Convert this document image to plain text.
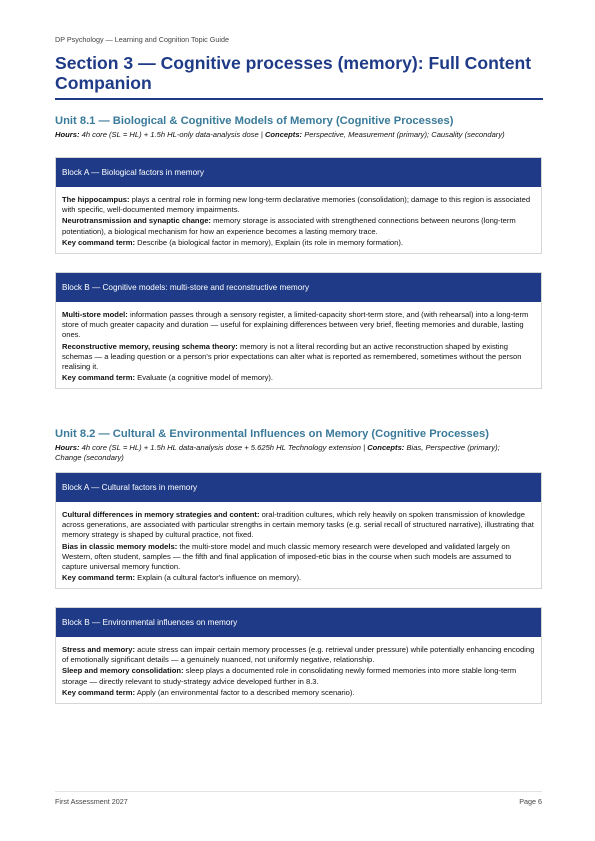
DP Psychology — Learning and Cognition Topic Guide
Section 3 — Cognitive processes (memory): Full Content Companion
Unit 8.1 — Biological & Cognitive Models of Memory (Cognitive Processes)

Hours: 4h core (SL = HL) + 1.5h HL-only data-analysis dose | Concepts: Perspective, Measurement (primary); Causality (secondary)

Block A — Biological factors in memory

The hippocampus: plays a central role in forming new long-term declarative memories (consolidation); damage to this region is associated with specific, well-documented memory impairments.

Neurotransmission and synaptic change: memory storage is associated with strengthened connections between neurons (long-term potentiation), a biological mechanism for how an experience becomes a lasting memory trace.

Key command term: Describe (a biological factor in memory), Explain (its role in memory formation).

Block B — Cognitive models: multi-store and reconstructive memory

Multi-store model: information passes through a sensory register, a limited-capacity short-term store, and (with rehearsal) into a long-term store of much greater capacity and duration — useful for explaining differences between very brief, fleeting memories and durable, lasting ones.

Reconstructive memory, reusing schema theory: memory is not a literal recording but an active reconstruction shaped by existing schemas — a leading question or a person's prior expectations can alter what is reported as remembered, sometimes without the person realising it.

Key command term: Evaluate (a cognitive model of memory).

Unit 8.2 — Cultural & Environmental Influences on Memory (Cognitive Processes)

Hours: 4h core (SL = HL) + 1.5h HL data-analysis dose + 5.625h HL Technology extension | Concepts: Bias, Perspective (primary); Change (secondary)

Block A — Cultural factors in memory

Cultural differences in memory strategies and content: oral-tradition cultures, which rely heavily on spoken transmission of knowledge across generations, are associated with particular strengths in certain memory tasks (e.g. serial recall of structured narrative), illustrating that memory strategy is shaped by cultural practice, not fixed.

Bias in classic memory models: the multi-store model and much classic memory research were developed and validated largely on Western, often student, samples — the fifth and final application of imposed-etic bias in the course when such models are assumed to capture universal memory function.

Key command term: Explain (a cultural factor's influence on memory).

Block B — Environmental influences on memory

Stress and memory: acute stress can impair certain memory processes (e.g. retrieval under pressure) while potentially enhancing encoding of emotionally significant details — a genuinely nuanced, not uniformly negative, relationship.

Sleep and memory consolidation: sleep plays a documented role in consolidating newly formed memories into more stable long-term storage — directly relevant to study-strategy advice developed further in 8.3.

Key command term: Apply (an environmental factor to a described memory scenario).

First Assessment 2027	Page 6
